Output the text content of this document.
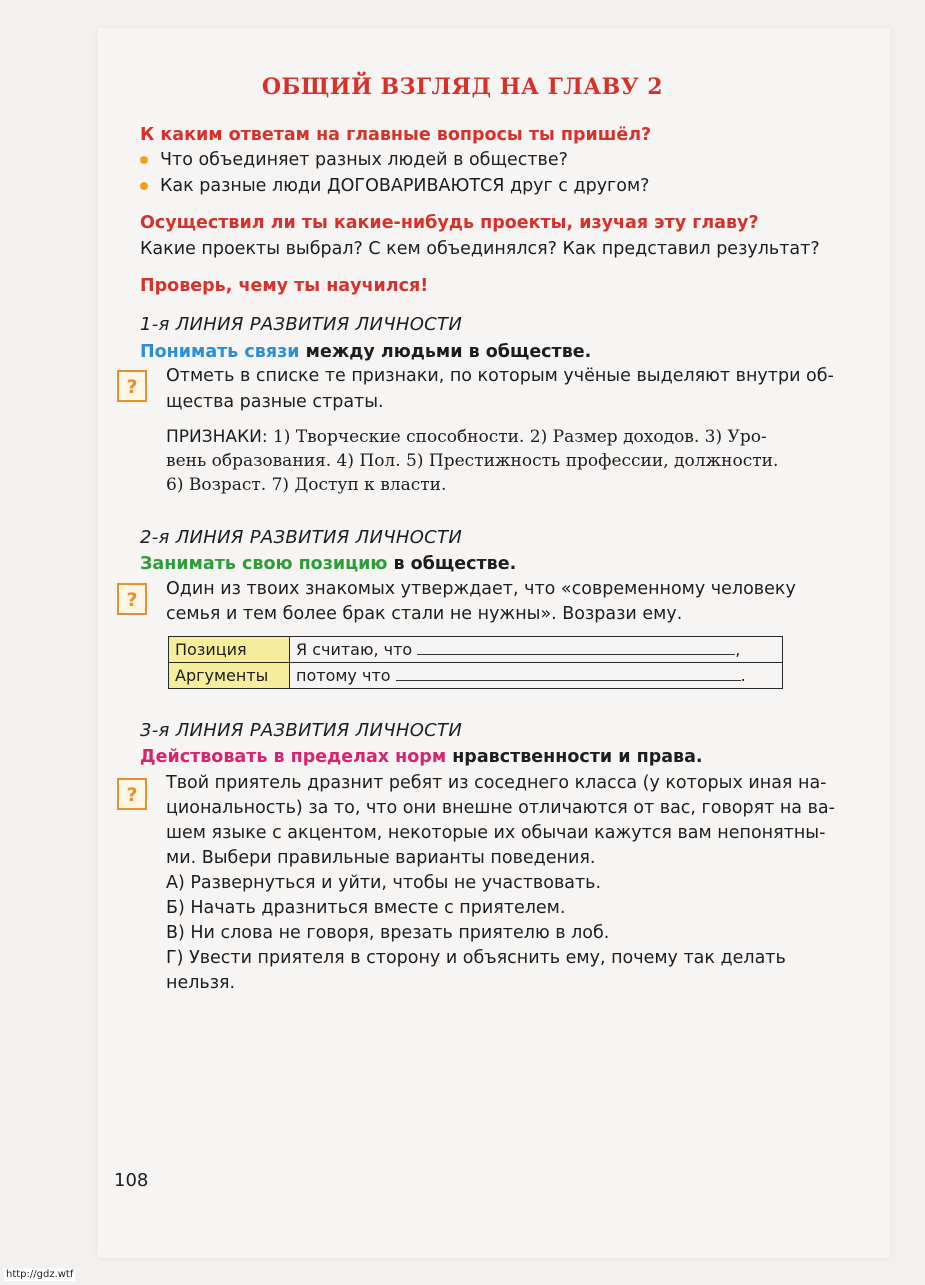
ОБЩИЙ ВЗГЛЯД НА ГЛАВУ 2
К каким ответам на главные вопросы ты пришёл?
Что объединяет разных людей в обществе?
Как разные люди ДОГОВАРИВАЮТСЯ друг с другом?
Осуществил ли ты какие-нибудь проекты, изучая эту главу?
Какие проекты выбрал? С кем объединялся? Как представил результат?
Проверь, чему ты научился!
1-я ЛИНИЯ РАЗВИТИЯ ЛИЧНОСТИ
Понимать связи между людьми в обществе.
?	Отметь в списке те признаки, по которым учёные выделяют внутри об-
щества разные страты.
ПРИЗНАКИ: 1) Творческие способности. 2) Размер доходов. 3) Уро-
вень образования. 4) Пол. 5) Престижность профессии, должности.
6) Возраст. 7) Доступ к власти.
2-я ЛИНИЯ РАЗВИТИЯ ЛИЧНОСТИ
Занимать свою позицию в обществе.
?	Один из твоих знакомых утверждает, что «современному человеку
семья и тем более брак стали не нужны». Возрази ему.
Позиция	Я считаю, что ,
Аргументы	потому что .
3-я ЛИНИЯ РАЗВИТИЯ ЛИЧНОСТИ
Действовать в пределах норм нравственности и права.
?
Твой приятель дразнит ребят из соседнего класса (у которых иная на-
циональность) за то, что они внешне отличаются от вас, говорят на ва-
шем языке с акцентом, некоторые их обычаи кажутся вам непонятны-
ми. Выбери правильные варианты поведения.
А) Развернуться и уйти, чтобы не участвовать.
Б) Начать дразниться вместе с приятелем.
В) Ни слова не говоря, врезать приятелю в лоб.
Г) Увести приятеля в сторону и объяснить ему, почему так делать
нельзя.
108
http://gdz.wtf
